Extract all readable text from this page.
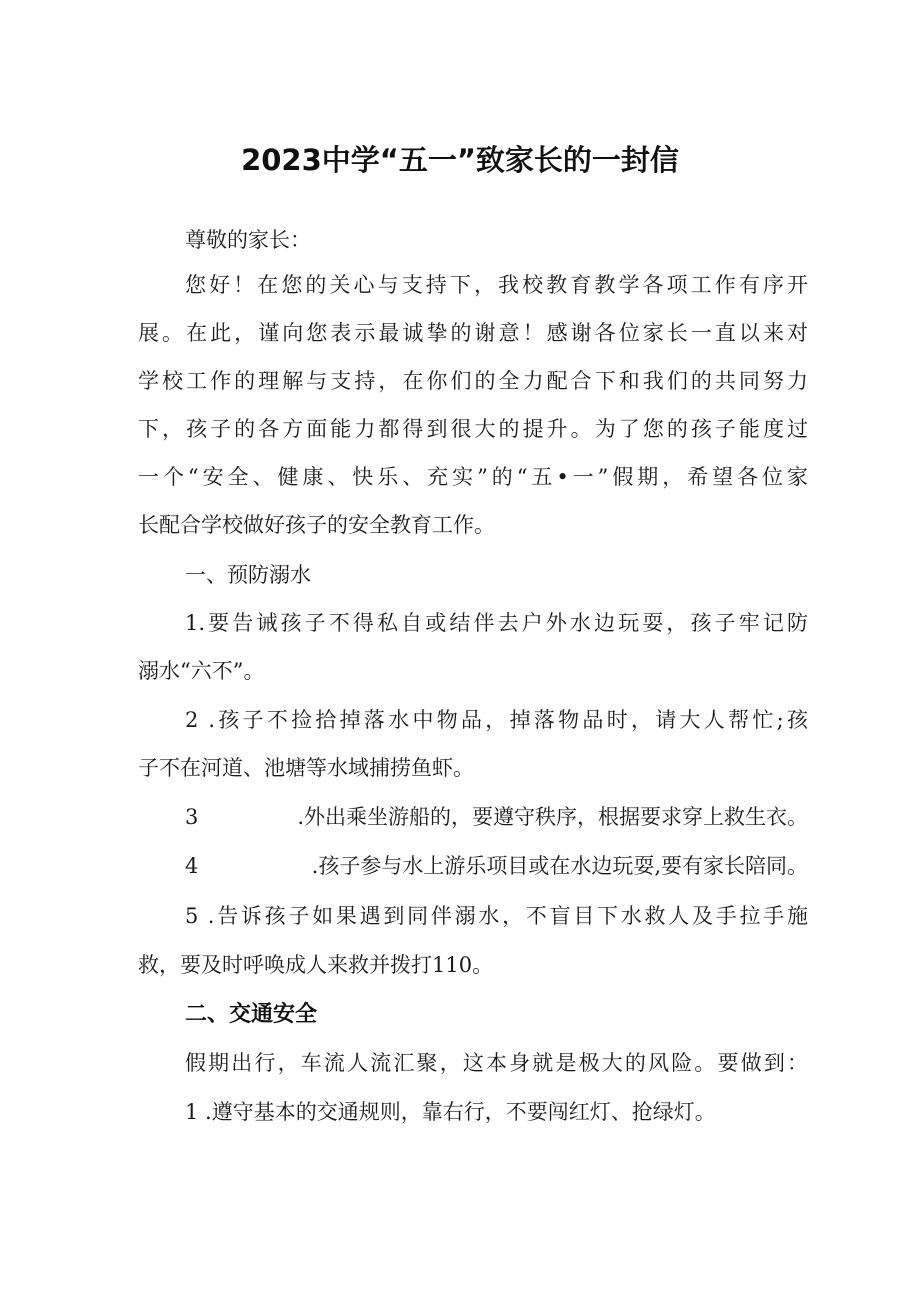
2023中学“五一”致家长的一封信
尊敬的家长：
您好！在您的关心与支持下，我校教育教学各项工作有序开
展。在此，谨向您表示最诚挚的谢意！感谢各位家长一直以来对
学校工作的理解与支持，在你们的全力配合下和我们的共同努力
下，孩子的各方面能力都得到很大的提升。为了您的孩子能度过
一个“安全、健康、快乐、充实”的“五•一”假期，希望各位家
长配合学校做好孩子的安全教育工作。
一、预防溺水
1.要告诫孩子不得私自或结伴去户外水边玩耍，孩子牢记防
溺水“六不”。
2 .孩子不捡拾掉落水中物品，掉落物品时，请大人帮忙;孩
子不在河道、池塘等水域捕捞鱼虾。
3	.外出乘坐游船的，要遵守秩序，根据要求穿上救生衣。
4	.孩子参与水上游乐项目或在水边玩耍,要有家长陪同。
5 .告诉孩子如果遇到同伴溺水，不盲目下水救人及手拉手施
救，要及时呼唤成人来救并拨打110。
二、交通安全
假期出行，车流人流汇聚，这本身就是极大的风险。要做到：
1 .遵守基本的交通规则，靠右行，不要闯红灯、抢绿灯。
